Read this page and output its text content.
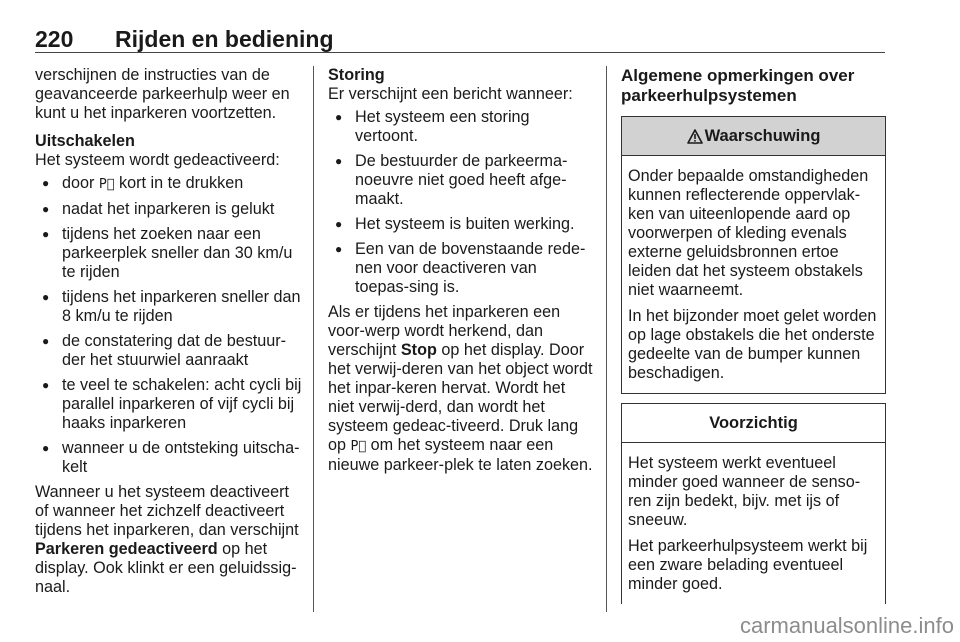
220 Rijden en bediening

verschijnen de instructies van de geavanceerde parkeerhulp weer en kunt u het inparkeren voortzetten.

Uitschakelen

Het systeem wordt gedeactiveerd:

● door P⃝ kort in te drukken
● nadat het inparkeren is gelukt
● tijdens het zoeken naar een parkeerplek sneller dan 30 km/u te rijden
● tijdens het inparkeren sneller dan 8 km/u te rijden
● de constatering dat de bestuur-der het stuurwiel aanraakt
● te veel te schakelen: acht cycli bij parallel inparkeren of vijf cycli bij haaks inparkeren
● wanneer u de ontsteking uitscha-kelt

Wanneer u het systeem deactiveert of wanneer het zichzelf deactiveert tijdens het inparkeren, dan verschijnt Parkeren gedeactiveerd op het display. Ook klinkt er een geluidssig-naal.

Storing

Er verschijnt een bericht wanneer:

● Het systeem een storing vertoont.
● De bestuurder de parkeerma-noeuvre niet goed heeft afge-maakt.
● Het systeem is buiten werking.
● Een van de bovenstaande rede-nen voor deactiveren van toepas-sing is.

Als er tijdens het inparkeren een voor-werp wordt herkend, dan verschijnt Stop op het display. Door het verwij-deren van het object wordt het inpar-keren hervat. Wordt het niet verwij-derd, dan wordt het systeem gedeac-tiveerd. Druk lang op P⃝ om het systeem naar een nieuwe parkeer-plek te laten zoeken.

Algemene opmerkingen over parkeerhulpsystemen
Waarschuwing

Onder bepaalde omstandigheden kunnen reflecterende oppervlak-ken van uiteenlopende aard op voorwerpen of kleding evenals externe geluidsbronnen ertoe leiden dat het systeem obstakels niet waarneemt.

In het bijzonder moet gelet worden op lage obstakels die het onderste gedeelte van de bumper kunnen beschadigen.

Voorzichtig

Het systeem werkt eventueel minder goed wanneer de senso-ren zijn bedekt, bijv. met ijs of sneeuw.

Het parkeerhulpsysteem werkt bij een zware belading eventueel minder goed.

carmanualsonline.info
